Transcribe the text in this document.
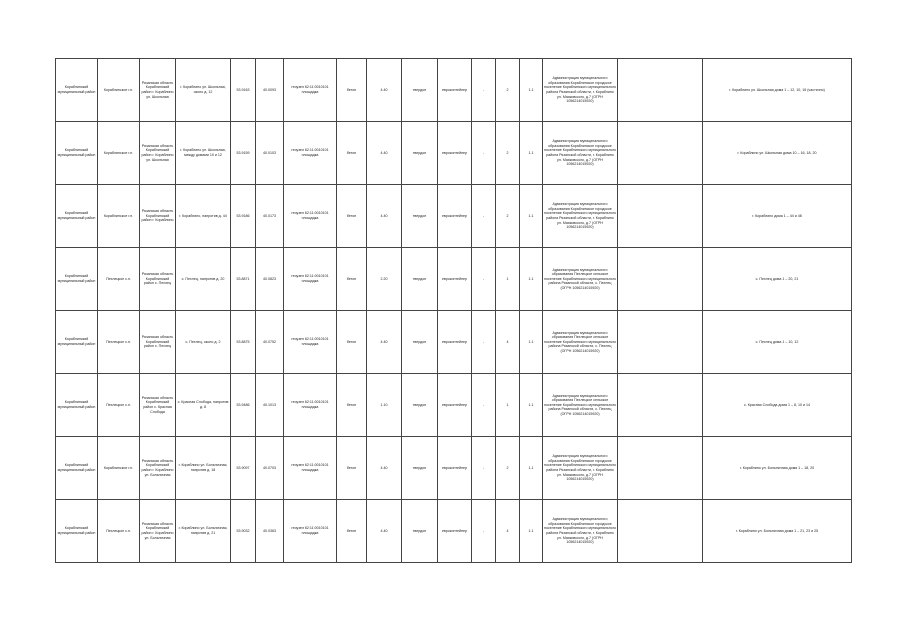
Кораблинский муниципальный район	Кораблинское г.п.	Рязанская область Кораблинский район г. Кораблино ул. Школьная	г. Кораблино ул. Школьная, около д. 12	53.9163	40.0093	геоузел 62:11:0010101 площадка	бетон	4.40	твердое	евроконтейнер	-	2	1.1	Администрация муниципального образования Кораблинское городское поселение Кораблинского муниципального района Рязанской области, г. Кораблино ул. Маяковского, д.7 (ОГРН 1056214015920)		г. Кораблино ул. Школьная дома 1 – 12, 10, 16 (частично)
Кораблинский муниципальный район	Кораблинское г.п.	Рязанская область Кораблинский район г. Кораблино ул. Школьная	г. Кораблино ул. Школьная, между домами 10 и 12	53.9159	40.0103	геоузел 62:11:0010101 площадка	бетон	4.40	твердое	евроконтейнер	-	2	1.1	Администрация муниципального образования Кораблинское городское поселение Кораблинского муниципального района Рязанской области, г. Кораблино ул. Маяковского, д.7 (ОГРН 1056214015920)		г. Кораблино ул. Школьная дома 10 – 16, 18, 20
Кораблинский муниципальный район	Кораблинское г.п.	Рязанская область Кораблинский район г. Кораблино	г. Кораблино, напротив д. 44	53.9186	40.0173	геоузел 62:11:0010101 площадка	бетон	4.40	твердое	евроконтейнер	-	2	1.1	Администрация муниципального образования Кораблинское городское поселение Кораблинского муниципального района Рязанской области, г. Кораблино ул. Маяковского, д.7 (ОГРН 1056214015920)		г. Кораблино дома 1 – 44 и 48
Кораблинский муниципальный район	Пехлецкое с.п.	Рязанская область Кораблинский район с. Пехлец	с. Пехлец, напротив д. 20	53.8871	40.0823	геоузел 62:11:0010101 площадка	бетон	2.20	твердое	евроконтейнер	-	1	1.1	Администрация муниципального образования Пехлецкое сельское поселение Кораблинского муниципального района Рязанской области, с. Пехлец (ОГРН 1056214015920)		с. Пехлец дома 1 – 20, 21
Кораблинский муниципальный район	Пехлецкое с.п.	Рязанская область Кораблинский район с. Пехлец	с. Пехлец, около д. 2	53.8875	40.0752	геоузел 62:11:0010101 площадка	бетон	4.40	твердое	евроконтейнер	-	4	1.1	Администрация муниципального образования Пехлецкое сельское поселение Кораблинского муниципального района Рязанской области, с. Пехлец (ОГРН 1056214015920)		с. Пехлец дома 1 – 10, 12
Кораблинский муниципальный район	Пехлецкое с.п.	Рязанская область Кораблинский район с. Красная Слобода	с. Красная Слобода, напротив д. 8	53.9486	40.1013	геоузел 62:11:0010101 площадка	бетон	1.10	твердое	евроконтейнер	-	1	1.1	Администрация муниципального образования Пехлецкое сельское поселение Кораблинского муниципального района Рязанской области, с. Пехлец (ОГРН 1056214015920)		с. Красная Слобода дома 1 – 8, 10 и 14
Кораблинский муниципальный район	Кораблинское г.п.	Рязанская область Кораблинский район г. Кораблино ул. Больничная	г. Кораблино ул. Больничная, напротив д. 18	53.9097	40.0703	геоузел 62:11:0010101 площадка	бетон	4.40	твердое	евроконтейнер	-	2	1.1	Администрация муниципального образования Кораблинское городское поселение Кораблинского муниципального района Рязанской области, г. Кораблино ул. Маяковского, д.7 (ОГРН 1056214015920)		г. Кораблино ул. Больничная дома 1 – 18, 20
Кораблинский муниципальный район	Пехлецкое с.п.	Рязанская область Кораблинский район г. Кораблино ул. Больничная	г. Кораблино ул. Больничная, напротив д. 21	53.9032	40.0363	геоузел 62:11:0010101 площадка	бетон	4.40	твердое	евроконтейнер	-	4	1.1	Администрация муниципального образования Кораблинское городское поселение Кораблинского муниципального района Рязанской области, г. Кораблино ул. Маяковского, д.7 (ОГРН 1056214015920)		г. Кораблино ул. Больничная дома 1 – 21, 23 и 25
